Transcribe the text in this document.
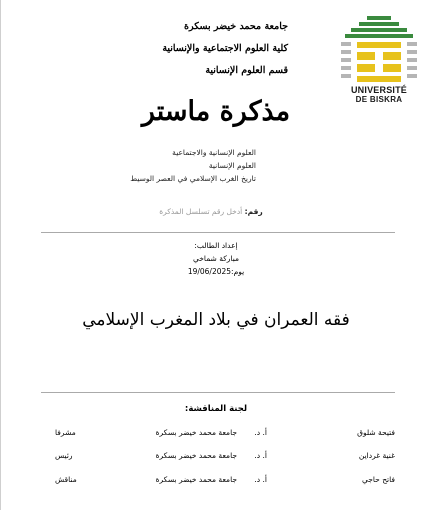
جامعة محمد خيضر بسكرة
كلية العلوم الاجتماعية والإنسانية
قسم العلوم الإنسانية
UNIVERSITÉ
DE BISKRA
مذكرة ماستر
العلوم الإنسانية والاجتماعية
العلوم الإنسانية
تاريخ الغرب الإسلامي في العصر الوسيط
رقم: أدخل رقم تسلسل المذكرة
إعداد الطالب:
مباركة شماخي
يوم:19/06/2025
فقه العمران في بلاد المغرب الإسلامي
لجنة المناقشة:
فتيحة شلوق
أ. د.
جامعة محمد خيضر بسكرة
مشرفا
غنية غرداين
أ. د.
جامعة محمد خيضر بسكرة
رئيس
فاتح حاجي
أ. د.
جامعة محمد خيضر بسكرة
مناقش
